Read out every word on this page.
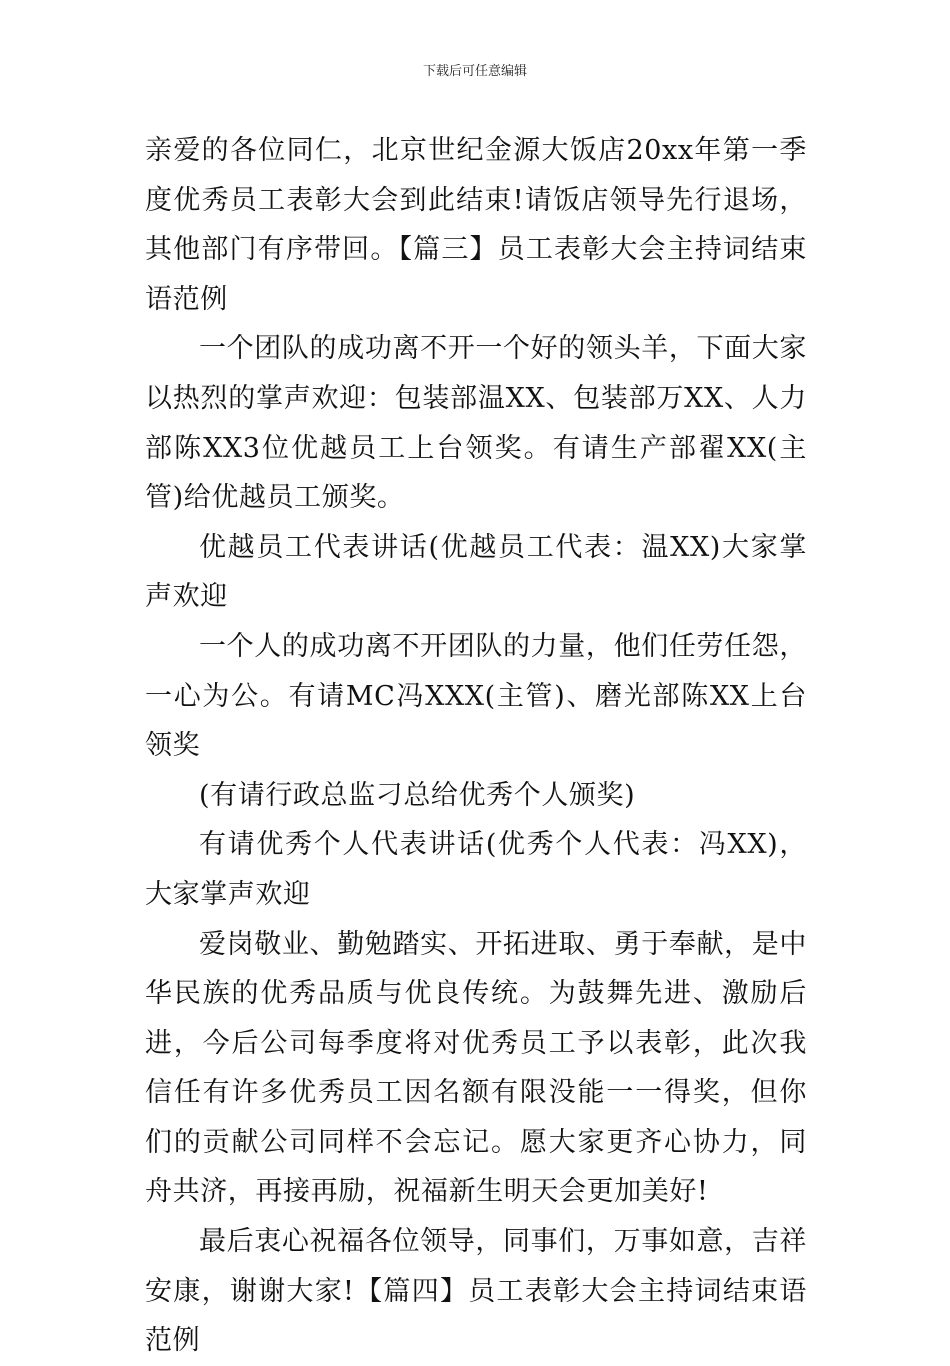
下载后可任意编辑

亲爱的各位同仁，北京世纪金源大饭店20xx年第一季度优秀员工表彰大会到此结束!请饭店领导先行退场，其他部门有序带回。【篇三】员工表彰大会主持词结束语范例

一个团队的成功离不开一个好的领头羊，下面大家以热烈的掌声欢迎：包装部温XX、包装部万XX、人力部陈XX3位优越员工上台领奖。有请生产部翟XX(主管)给优越员工颁奖。

优越员工代表讲话(优越员工代表：温XX)大家掌声欢迎

一个人的成功离不开团队的力量，他们任劳任怨，一心为公。有请MC冯XXX(主管)、磨光部陈XX上台领奖

(有请行政总监刁总给优秀个人颁奖)

有请优秀个人代表讲话(优秀个人代表：冯XX)，大家掌声欢迎

爱岗敬业、勤勉踏实、开拓进取、勇于奉献，是中华民族的优秀品质与优良传统。为鼓舞先进、激励后进，今后公司每季度将对优秀员工予以表彰，此次我信任有许多优秀员工因名额有限没能一一得奖，但你们的贡献公司同样不会忘记。愿大家更齐心协力，同舟共济，再接再励，祝福新生明天会更加美好!

最后衷心祝福各位领导，同事们，万事如意，吉祥安康，谢谢大家!【篇四】员工表彰大会主持词结束语范例
